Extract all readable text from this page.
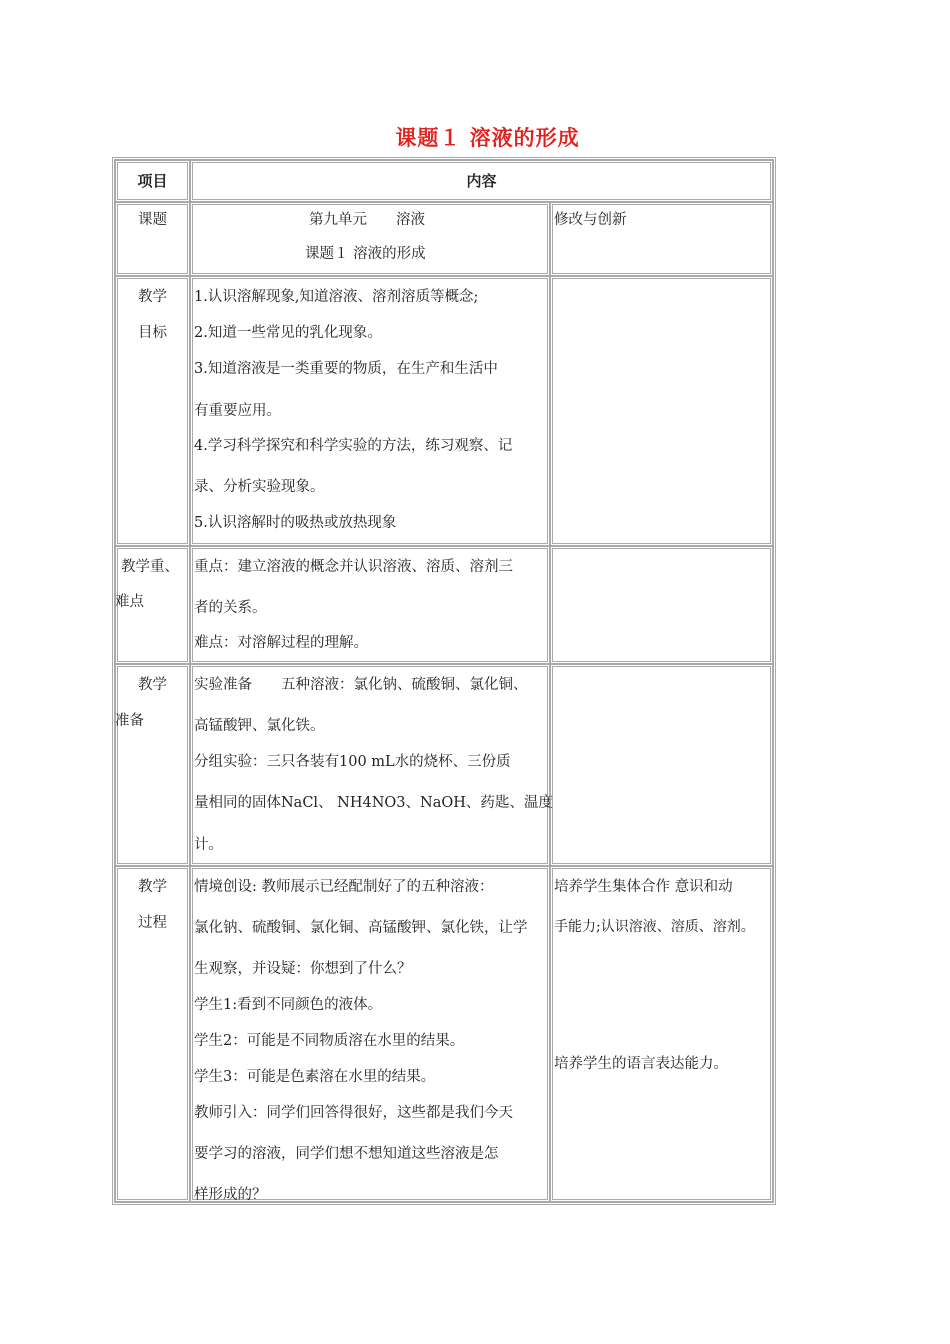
课题１ 溶液的形成
项目	内容
课题	第九单元　　溶液
课题１ 溶液的形成
修改与创新
教学
目标
1.认识溶解现象,知道溶液、溶剂溶质等概念;
2.知道一些常见的乳化现象。
3.知道溶液是一类重要的物质，在生产和生活中
有重要应用。
4.学习科学探究和科学实验的方法，练习观察、记
录、分析实验现象。
5.认识溶解时的吸热或放热现象
教学重、
难点
重点：建立溶液的概念并认识溶液、溶质、溶剂三
者的关系。
难点：对溶解过程的理解。
教学
准备
实验准备　　五种溶液：氯化钠、硫酸铜、氯化铜、
高锰酸钾、氯化铁。
分组实验：三只各装有100 mL水的烧杯、三份质
量相同的固体NaCl、 NH4NO3、NaOH、药匙、温度
计。
教学
过程
情境创设: 教师展示已经配制好了的五种溶液：
氯化钠、硫酸铜、氯化铜、高锰酸钾、氯化铁，让学
生观察，并设疑：你想到了什么？
学生1:看到不同颜色的液体。
学生2：可能是不同物质溶在水里的结果。
学生3：可能是色素溶在水里的结果。
教师引入：同学们回答得很好，这些都是我们今天
要学习的溶液，同学们想不想知道这些溶液是怎
样形成的？
培养学生集体合作 意识和动
手能力;认识溶液、溶质、溶剂。
培养学生的语言表达能力。
